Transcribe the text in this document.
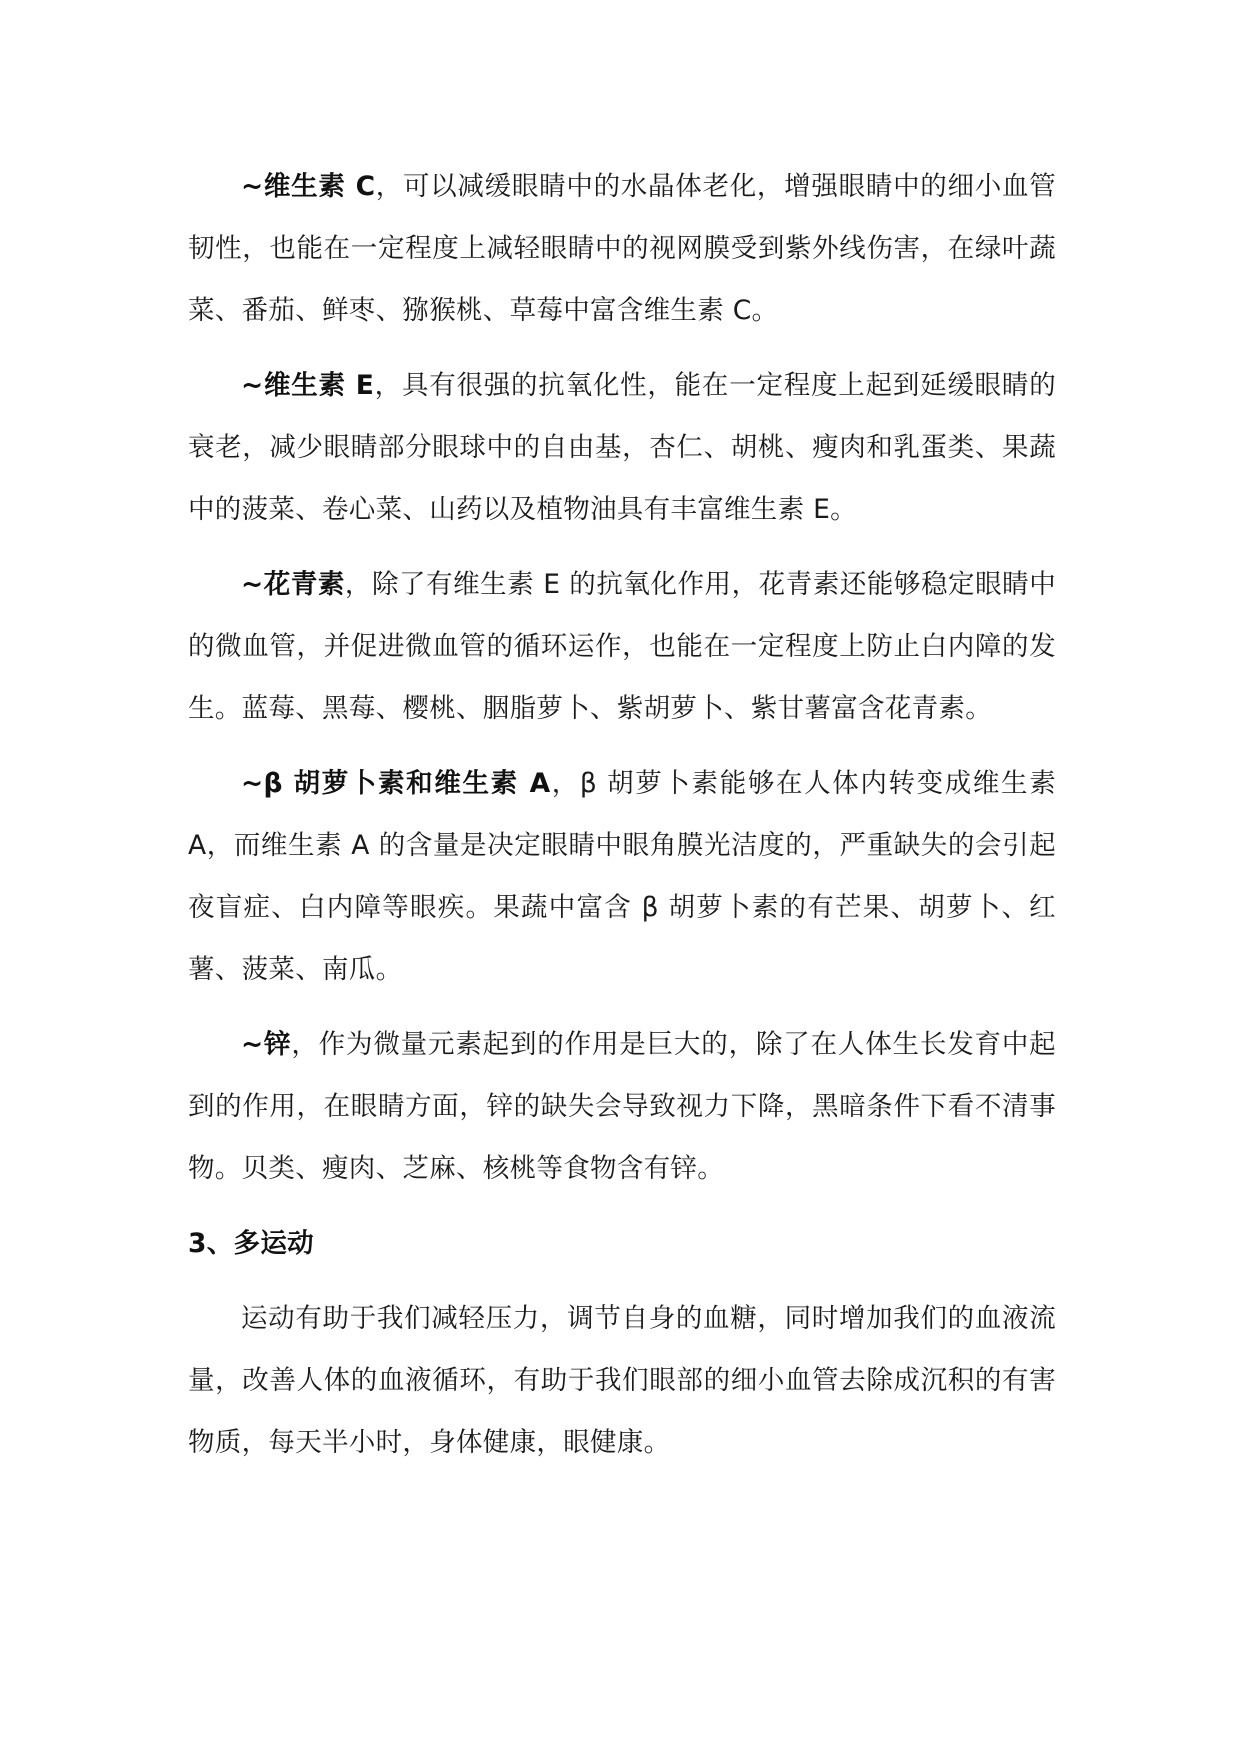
~维生素 C，可以减缓眼睛中的水晶体老化，增强眼睛中的细小血管韧性，也能在一定程度上减轻眼睛中的视网膜受到紫外线伤害，在绿叶蔬菜、番茄、鲜枣、猕猴桃、草莓中富含维生素 C。

~维生素 E，具有很强的抗氧化性，能在一定程度上起到延缓眼睛的衰老，减少眼睛部分眼球中的自由基，杏仁、胡桃、瘦肉和乳蛋类、果蔬中的菠菜、卷心菜、山药以及植物油具有丰富维生素 E。

~花青素，除了有维生素 E 的抗氧化作用，花青素还能够稳定眼睛中的微血管，并促进微血管的循环运作，也能在一定程度上防止白内障的发生。蓝莓、黑莓、樱桃、胭脂萝卜、紫胡萝卜、紫甘薯富含花青素。

~β 胡萝卜素和维生素 A，β 胡萝卜素能够在人体内转变成维生素 A，而维生素 A 的含量是决定眼睛中眼角膜光洁度的，严重缺失的会引起夜盲症、白内障等眼疾。果蔬中富含 β 胡萝卜素的有芒果、胡萝卜、红薯、菠菜、南瓜。

~锌，作为微量元素起到的作用是巨大的，除了在人体生长发育中起到的作用，在眼睛方面，锌的缺失会导致视力下降，黑暗条件下看不清事物。贝类、瘦肉、芝麻、核桃等食物含有锌。

3、多运动

运动有助于我们减轻压力，调节自身的血糖，同时增加我们的血液流量，改善人体的血液循环，有助于我们眼部的细小血管去除成沉积的有害物质，每天半小时，身体健康，眼健康。
